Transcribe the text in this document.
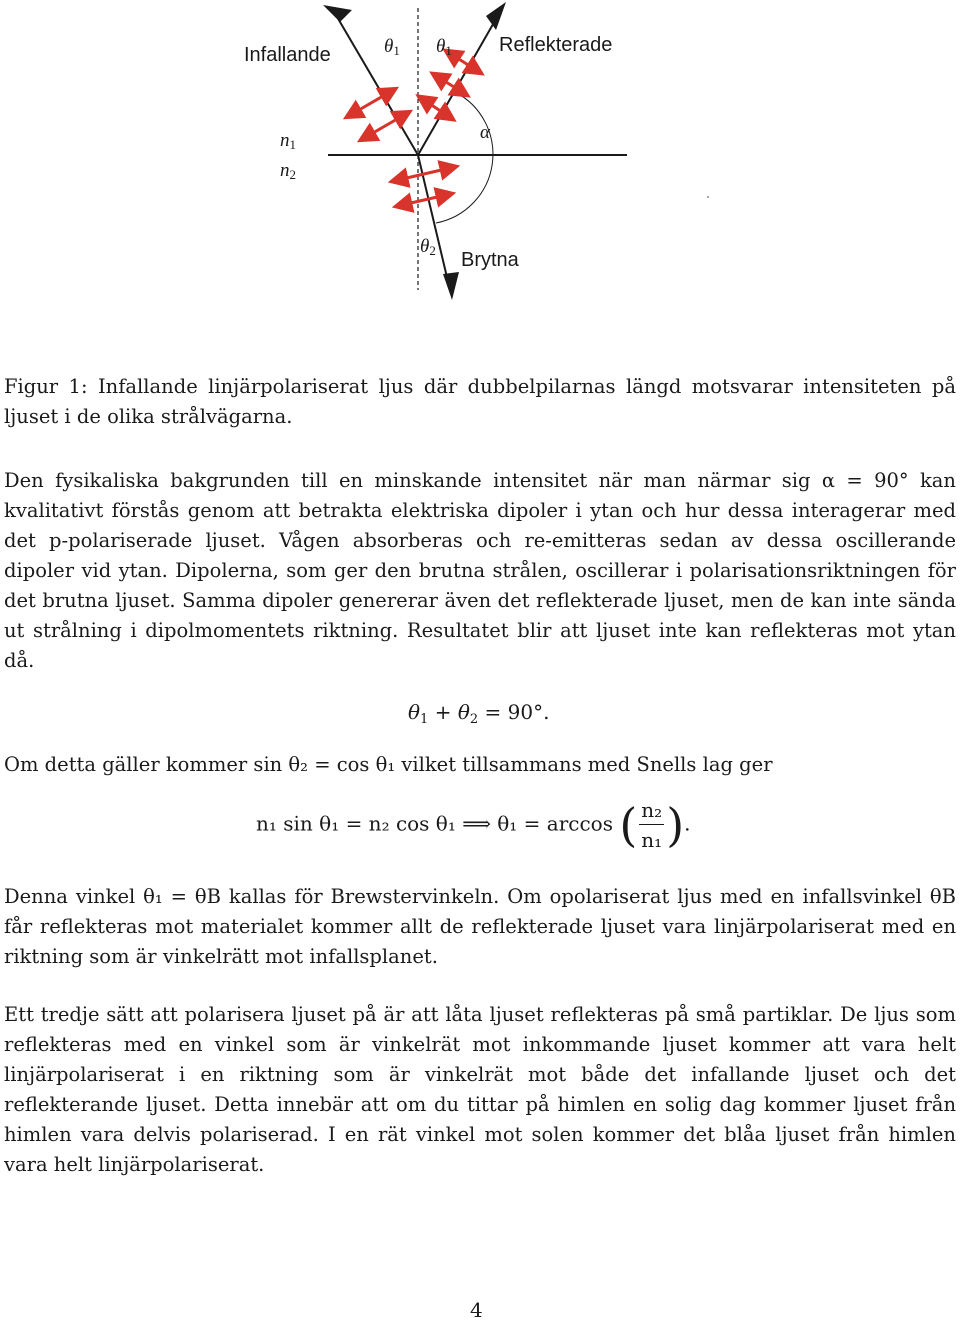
Infallande	Reflekterade
Brytna
$\theta_1$ $\theta_1$
$\theta_2$
$n_1$
$n_2$
α

Figur 1: Infallande linjärpolariserat ljus där dubbelpilarnas längd motsvarar intensiteten på ljuset i de olika strålvägarna.

Den fysikaliska bakgrunden till en minskande intensitet när man närmar sig α = 90° kan kvalitativt förstås genom att betrakta elektriska dipoler i ytan och hur dessa interagerar med det p-polariserade ljuset. Vågen absorberas och re-emitteras sedan av dessa oscillerande dipoler vid ytan. Dipolerna, som ger den brutna strålen, oscillerar i polarisationsriktningen för det brutna ljuset. Samma dipoler genererar även det reflekterade ljuset, men de kan inte sända ut strålning i dipolmomentets riktning. Resultatet blir att ljuset inte kan reflekteras mot ytan då.

$\theta_1 + \theta_2 = 90^\circ$.

Om detta gäller kommer sin θ₂ = cos θ₁ vilket tillsammans med Snells lag ger

n₁ sin θ₁ = n₂ cos θ₁ ⟹ θ₁ = arccos ( $\frac{\text{n₂}}{\text{n₁}}$ ).

Denna vinkel θ₁ = θB kallas för Brewstervinkeln. Om opolariserat ljus med en infallsvinkel θB får reflekteras mot materialet kommer allt de reflekterade ljuset vara linjärpolariserat med en riktning som är vinkelrätt mot infallsplanet.

Ett tredje sätt att polarisera ljuset på är att låta ljuset reflekteras på små partiklar. De ljus som reflekteras med en vinkel som är vinkelrät mot inkommande ljuset kommer att vara helt linjärpolariserat i en riktning som är vinkelrät mot både det infallande ljuset och det reflekterande ljuset. Detta innebär att om du tittar på himlen en solig dag kommer ljuset från himlen vara delvis polariserad. I en rät vinkel mot solen kommer det blåa ljuset från himlen vara helt linjärpolariserat.

4
